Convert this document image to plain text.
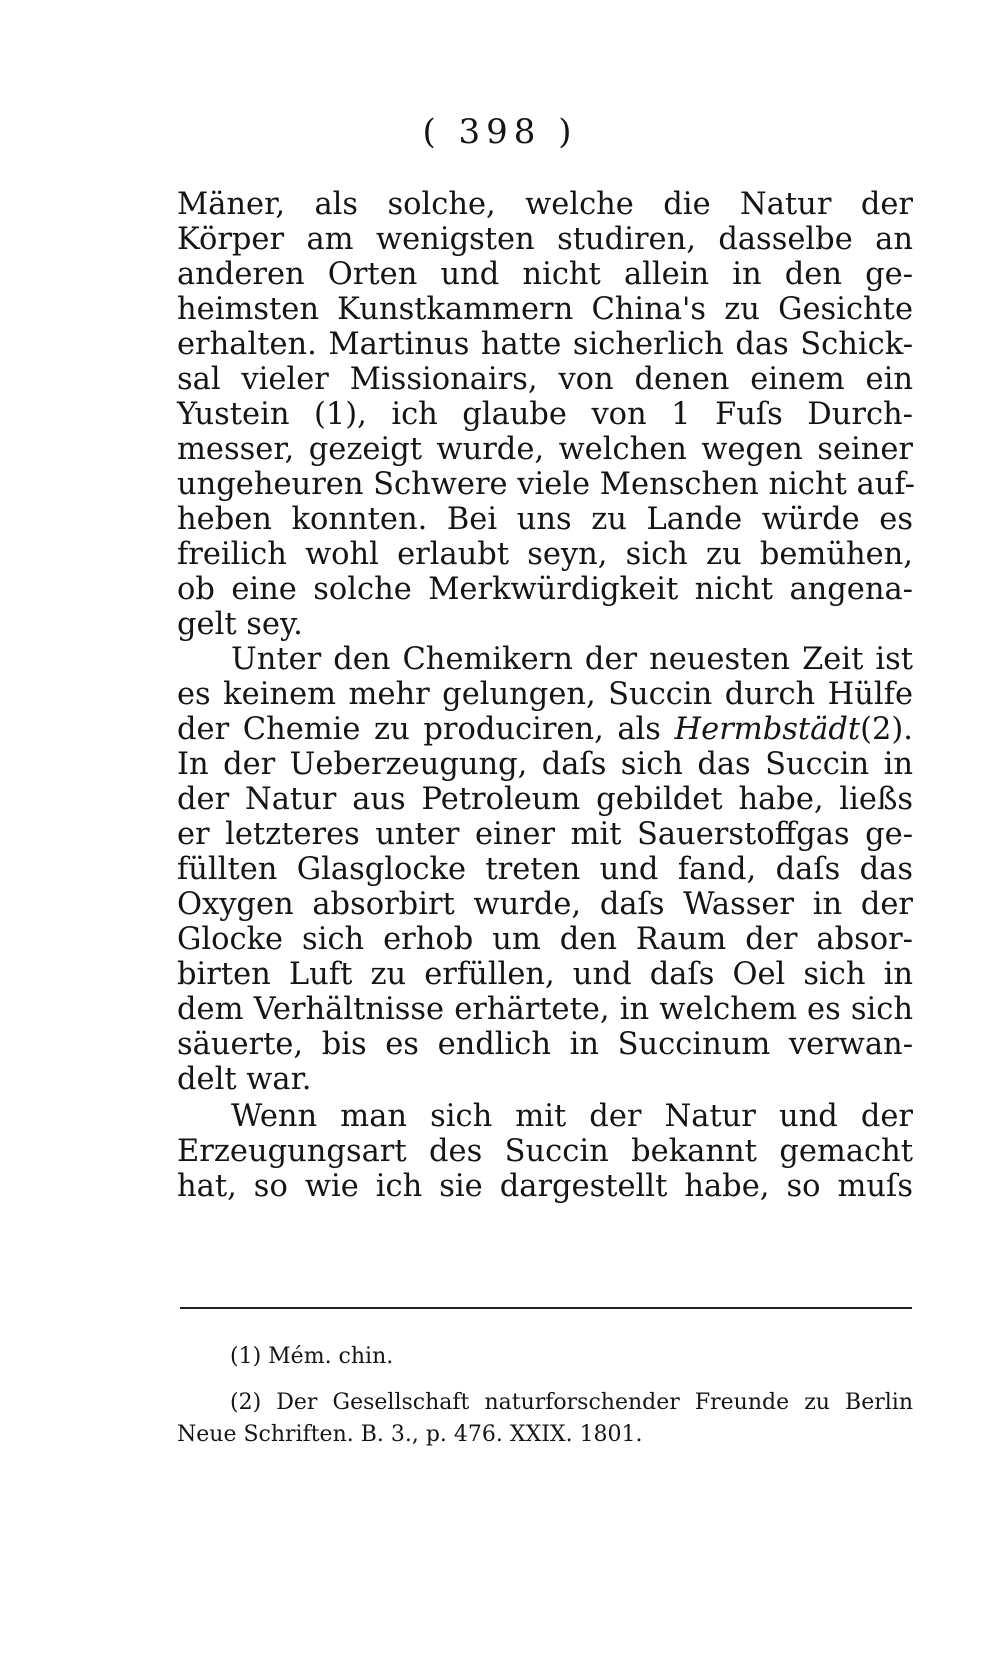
( 398 )
Mäner, als solche, welche die Natur der
Körper am wenigsten studiren, dasselbe an
anderen Orten und nicht allein in den ge-
heimsten Kunstkammern China's zu Gesichte
erhalten. Martinus hatte sicherlich das Schick-
sal vieler Missionairs, von denen einem ein
Yustein (1), ich glaube von 1 Fuſs Durch-
messer, gezeigt wurde, welchen wegen seiner
ungeheuren Schwere viele Menschen nicht auf-
heben konnten. Bei uns zu Lande würde es
freilich wohl erlaubt seyn, sich zu bemühen,
ob eine solche Merkwürdigkeit nicht angena-
gelt sey.
Unter den Chemikern der neuesten Zeit ist
es keinem mehr gelungen, Succin durch Hülfe
der Chemie zu produciren, als Hermbstädt(2).
In der Ueberzeugung, daſs sich das Succin in
der Natur aus Petroleum gebildet habe, ließs
er letzteres unter einer mit Sauerstoffgas ge-
füllten Glasglocke treten und fand, daſs das
Oxygen absorbirt wurde, daſs Wasser in der
Glocke sich erhob um den Raum der absor-
birten Luft zu erfüllen, und daſs Oel sich in
dem Verhältnisse erhärtete, in welchem es sich
säuerte, bis es endlich in Succinum verwan-
delt war.
Wenn man sich mit der Natur und der
Erzeugungsart des Succin bekannt gemacht
hat, so wie ich sie dargestellt habe, so muſs
(1) Mém. chin.
(2) Der Gesellschaft naturforschender Freunde zu Berlin
Neue Schriften. B. 3., p. 476. XXIX. 1801.
